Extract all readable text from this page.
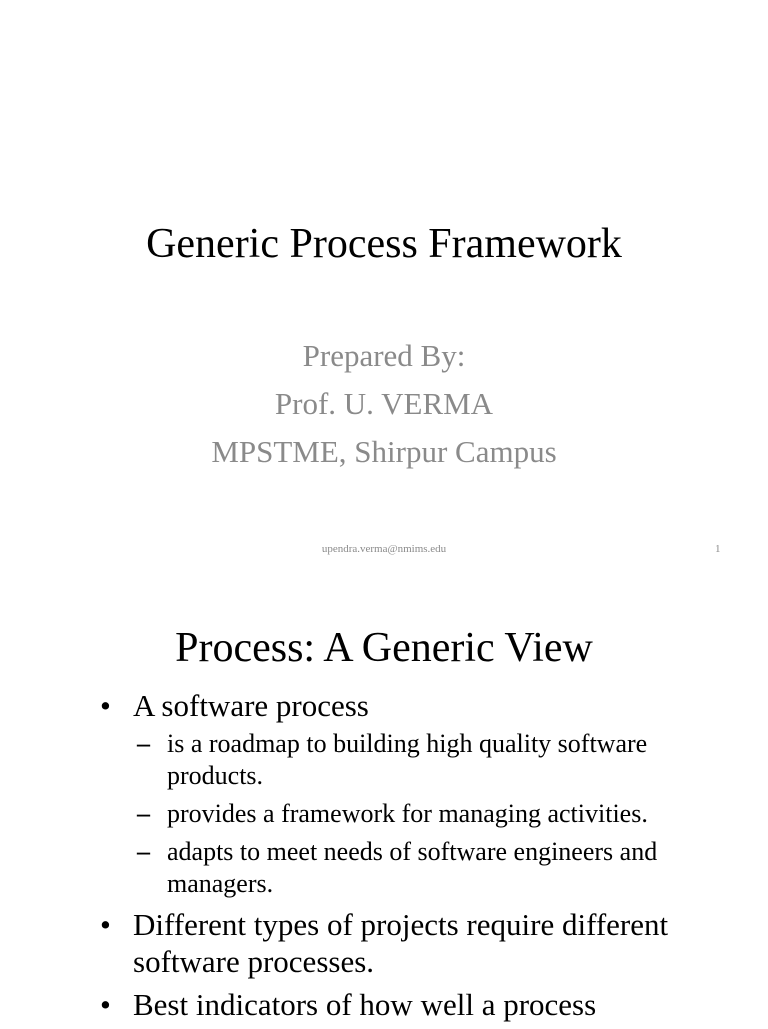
Generic Process Framework
Prepared By:
Prof. U. VERMA
MPSTME, Shirpur Campus
upendra.verma@nmims.edu	1
Process: A Generic View
• A software process
– is a roadmap to building high quality software products.
– provides a framework for managing activities.
– adapts to meet needs of software engineers and managers.
• Different types of projects require different software processes.
• Best indicators of how well a process
